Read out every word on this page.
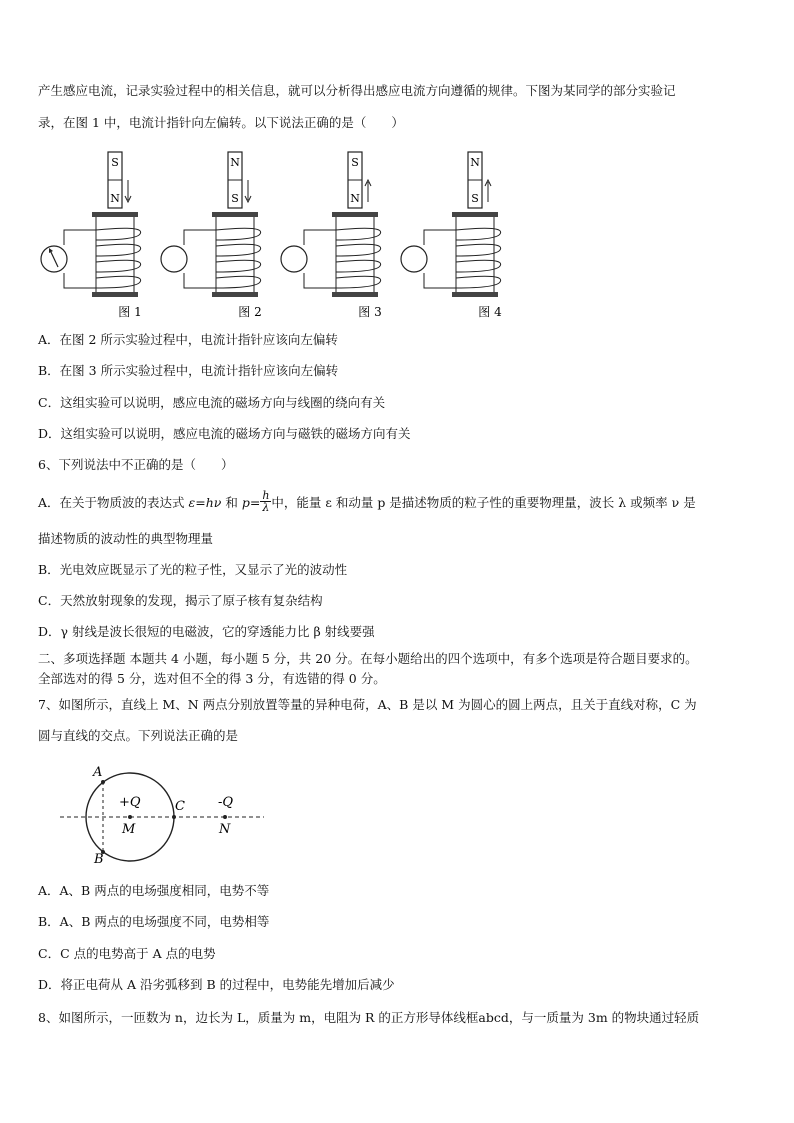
产生感应电流，记录实验过程中的相关信息，就可以分析得出感应电流方向遵循的规律。下图为某同学的部分实验记
录，在图 1 中，电流计指针向左偏转。以下说法正确的是（　　）
S
N
图 1
N
S
图 2
S
N
图 3
N
S
图 4
A．在图 2 所示实验过程中，电流计指针应该向左偏转
B．在图 3 所示实验过程中，电流计指针应该向左偏转
C．这组实验可以说明，感应电流的磁场方向与线圈的绕向有关
D．这组实验可以说明，感应电流的磁场方向与磁铁的磁场方向有关
6、下列说法中不正确的是（　　）
A．在关于物质波的表达式 ε=hν 和 $p= \frac{h}{\lambda}$ 中，能量 ε 和动量 p 是描述物质的粒子性的重要物理量，波长 λ 或频率 ν 是
描述物质的波动性的典型物理量
B．光电效应既显示了光的粒子性，又显示了光的波动性
C．天然放射现象的发现，揭示了原子核有复杂结构
D．γ 射线是波长很短的电磁波，它的穿透能力比 β 射线要强
二、多项选择题 本题共 4 小题，每小题 5 分，共 20 分。在每小题给出的四个选项中，有多个选项是符合题目要求的。
全部选对的得 5 分，选对但不全的得 3 分，有选错的得 0 分。
7、如图所示，直线上 M、N 两点分别放置等量的异种电荷，A、B 是以 M 为圆心的圆上两点，且关于直线对称，C 为
圆与直线的交点。下列说法正确的是
A
B
C
+Q
M
-Q
N
A．A、B 两点的电场强度相同，电势不等
B．A、B 两点的电场强度不同，电势相等
C．C 点的电势高于 A 点的电势
D．将正电荷从 A 沿劣弧移到 B 的过程中，电势能先增加后减少
8、如图所示，一匝数为 n，边长为 L，质量为 m，电阻为 R 的正方形导体线框abcd，与一质量为 3m 的物块通过轻质
